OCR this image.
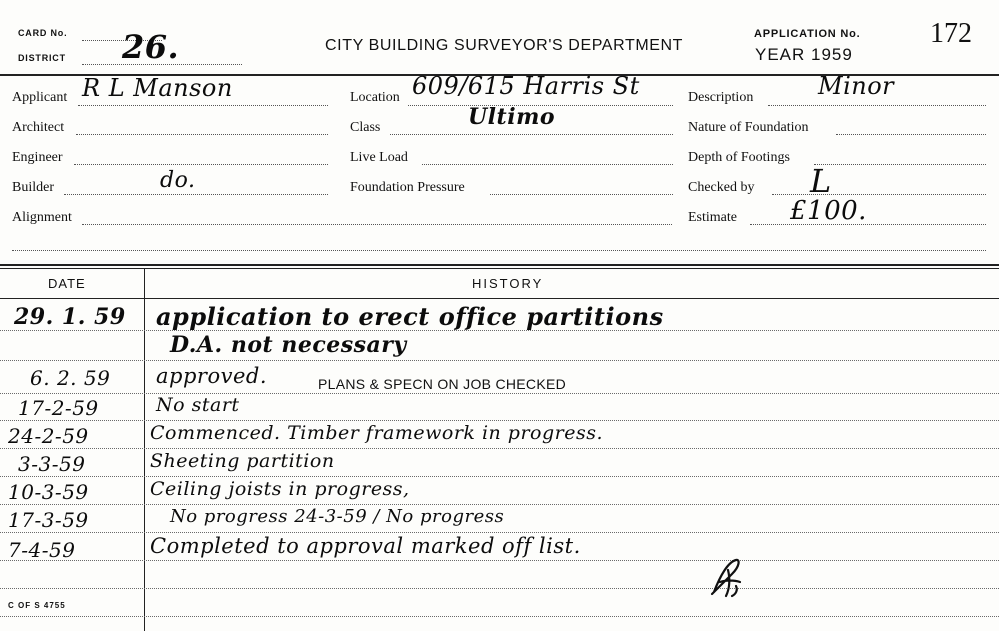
CARD No.
DISTRICT 26.	CITY BUILDING SURVEYOR'S DEPARTMENT
APPLICATION No.
YEAR 1959
172
Applicant R L Manson
Architect
Engineer
Builder	do.
Alignment
Location 609/615 Harris St
Class	Ultimo
Live Load
Foundation Pressure
Description	Minor
Nature of Foundation
Depth of Footings
Checked by L
Estimate £100.
DATE	HISTORY
29. 1. 59 application to erect office partitions
D.A. not necessary
6. 2. 59 approved.	PLANS & SPECN ON JOB CHECKED
17-2-59	No start
24-2-59	Commenced. Timber framework in progress.
3-3-59	Sheeting partition
10-3-59	Ceiling joists in progress,
17-3-59	No progress 24-3-59 / No progress
7-4-59	Completed to approval marked off list.
C OF S 4755
